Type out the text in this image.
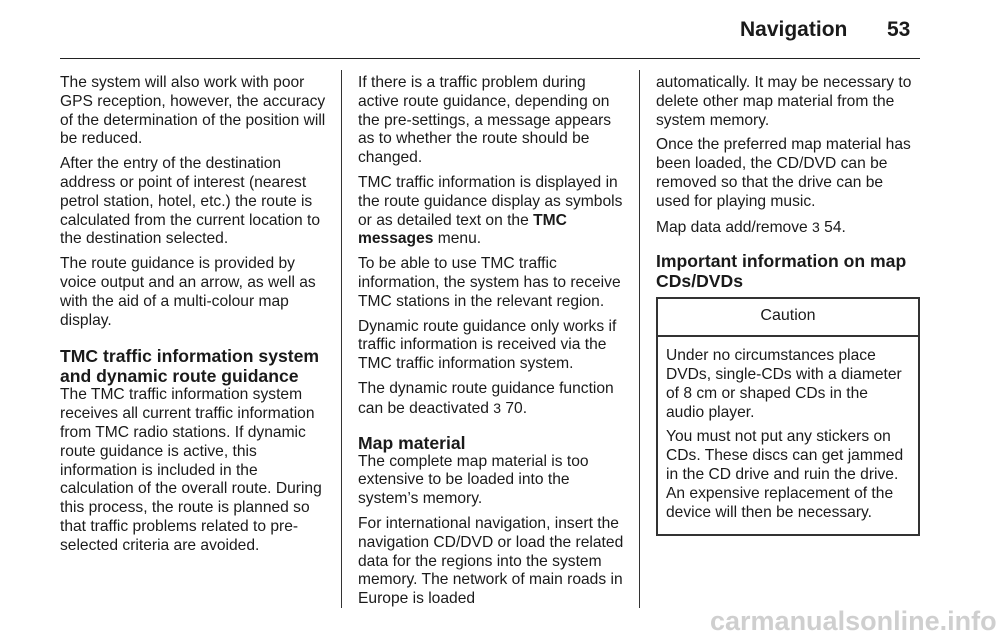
Navigation 53

The system will also work with poor GPS reception, however, the accuracy of the determination of the position will be reduced.

After the entry of the destination address or point of interest (nearest petrol station, hotel, etc.) the route is calculated from the current location to the destination selected.

The route guidance is provided by voice output and an arrow, as well as with the aid of a multi-colour map display.

TMC traffic information system and dynamic route guidance

The TMC traffic information system receives all current traffic information from TMC radio stations. If dynamic route guidance is active, this information is included in the calculation of the overall route. During this process, the route is planned so that traffic problems related to pre-selected criteria are avoided.

If there is a traffic problem during active route guidance, depending on the pre-settings, a message appears as to whether the route should be changed.

TMC traffic information is displayed in the route guidance display as symbols or as detailed text on the TMC messages menu.

To be able to use TMC traffic information, the system has to receive TMC stations in the relevant region.

Dynamic route guidance only works if traffic information is received via the TMC traffic information system.

The dynamic route guidance function can be deactivated 3 70.

Map material

The complete map material is too extensive to be loaded into the system’s memory.

For international navigation, insert the navigation CD/DVD or load the related data for the regions into the system memory. The network of main roads in Europe is loaded

automatically. It may be necessary to delete other map material from the system memory.

Once the preferred map material has been loaded, the CD/DVD can be removed so that the drive can be used for playing music.

Map data add/remove 3 54.

Important information on map CDs/DVDs
Caution

Under no circumstances place DVDs, single-CDs with a diameter of 8 cm or shaped CDs in the audio player.

You must not put any stickers on CDs. These discs can get jammed in the CD drive and ruin the drive. An expensive replacement of the device will then be necessary.

carmanualsonline.info
